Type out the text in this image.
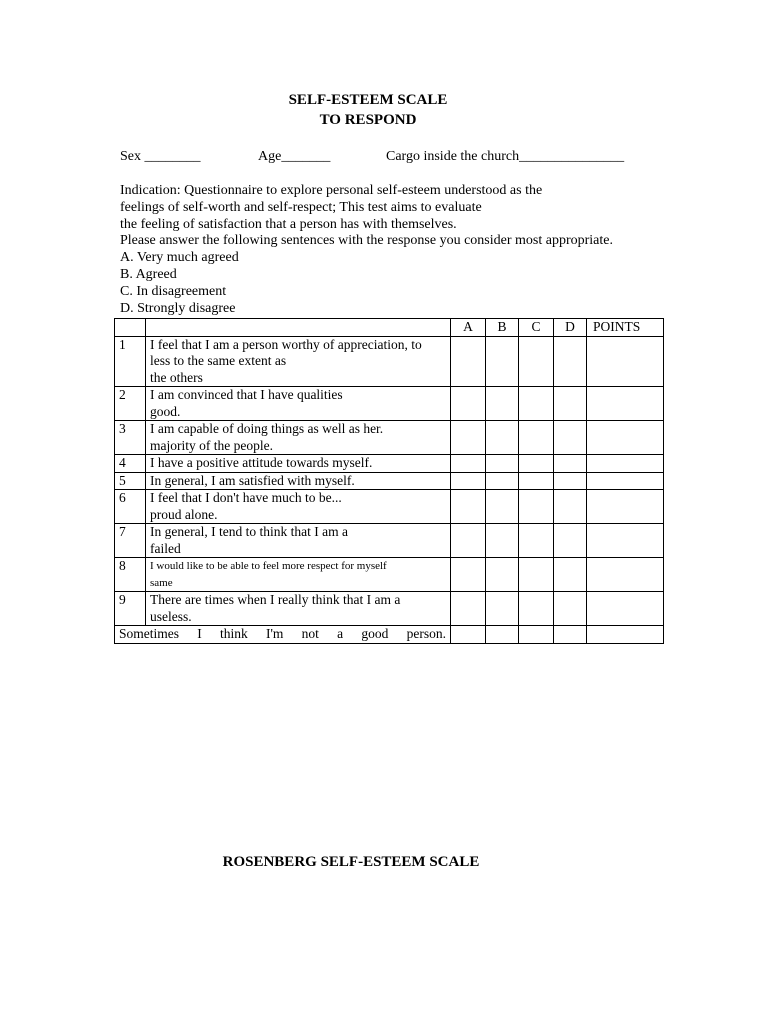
SELF-ESTEEM SCALE
TO RESPOND
Sex ________	Age_______	Cargo inside the church_______________
Indication: Questionnaire to explore personal self-esteem understood as the
feelings of self-worth and self-respect; This test aims to evaluate
the feeling of satisfaction that a person has with themselves.
Please answer the following sentences with the response you consider most appropriate.
A. Very much agreed
B. Agreed
C. In disagreement
D. Strongly disagree
		A	B	C	D	POINTS
1	I feel that I am a person worthy of appreciation, to
less to the same extent as
the others					

2	I am convinced that I have qualities
good.					

3	I am capable of doing things as well as her.
majority of the people.					

4	I have a positive attitude towards myself.					

5	In general, I am satisfied with myself.					

6	I feel that I don't have much to be...
proud alone.					

7	In general, I tend to think that I am a
failed					

8	I would like to be able to feel more respect for myself
same					

9	There are times when I really think that I am a
useless.					

Sometimes I think I'm not a good person.						
ROSENBERG SELF-ESTEEM SCALE
